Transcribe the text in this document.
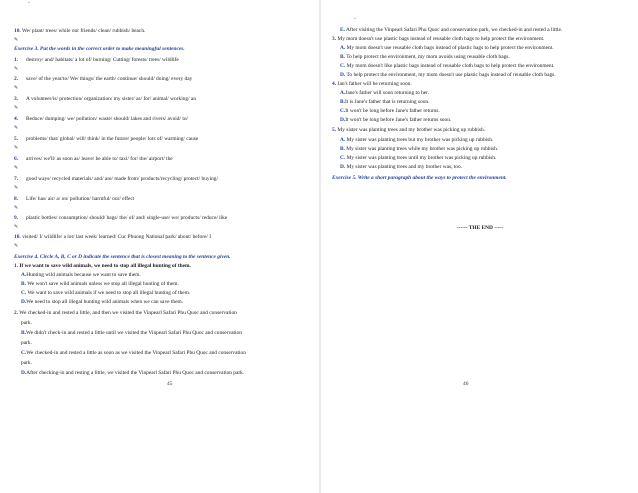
-
10. We/ plant/ trees/ while our friends/ clean/ rubbish/ beach.
✎
Exercise 3. Put the words in the correct order to make meaningful sentences.
1. destroy/ and/ habitats/ a lot of/ burning/ Cutting/ forests/ trees/ wildlife
✎
2. save/ of the year/to/ We/ things/ the earth/ continue/ should/ doing/ every day
✎
3. A volunteer/is/ protection/ organization/ my sister/ as/ for/ animal/ working/ an
✎
4. Reduce/ dumping/ we/ pollution/ waste/ should/ lakes and rivers/ avoid/ to/
✎
5. problems/ that/ global/ will/ think/ in the future/ people/ lots of/ warming/ cause
✎
6. arrives/ we'll/ as soon as/ leave/ be able to/ taxi/ for/ the/ airport/ the
✎
7. good ways/ recycled materials/ and/ are/ made from/ products/recycling/ protect/ buying/
✎
8. Life/ has/ air/ a/ on/ pollution/ harmful/ our/ effect
✎
9. plastic bottles/ consumption/ should/ bags/ the/ of/ and/ single-use/ we/ products/ reduce/ like
✎
10. visited/ I/ wildlife/ a lot/ last week/ learned/ Cuc Phuong National park/ about/ before/ I
✎
Exercise 4. Circle A, B, C or D indicate the sentence that is closest meaning to the sentence given.
1. If we want to save wild animals, we need to stop all illegal hunting of them.
A.Hunting wild animals because we want to save them.
B. We won't save wild animals unless we stop all illegal hunting of them.
C. We want to save wild animals if we need to stop all illegal hunting of them.
D.We need to stop all illegal hunting wild animals when we can save them.
2. We checked-in and rested a little, and then we visited the Vinpearl Safari Phu Quoc and conservation
park.
B.We didn't check-in and rested a little until we visited the Vinpearl Safari Phu Quoc and conservation
park.
C.We checked-in and rested a little as soon as we visited the Vinpearl Safari Phu Quoc and conservation
park.
D.After checking-in and resting a little, we visited the Vinpearl Safari Phu Quoc and conservation park.
45
-
E. After visiting the Vinpearl Safari Phu Quoc and conservation park, we checked-in and rested a little.
3. My mom doesn't use plastic bags instead of reusable cloth bags to help protect the environment.
A. My mom doesn't use reusable cloth bags instead of plastic bags to help protect the environment.
B. To help protect the environment, my mom avoids using reusable cloth bags.
C. My mom doesn't like plastic bags instead of reusable cloth bags to help protect the environment.
D. To help protect the environment, my mom doesn't use plastic bags instead of reusable cloth bags.
4. Jan's father will be returning soon.
A.Jane's father will soon returning to her.
B.It is Jane's father that is returning soon.
C.It won't be long before Jane's father returns.
D.It won't be long before Jane's father returns soon.
5. My sister was planting trees and my brother was picking up rubbish.
A. My sister was planting trees but my brother was picking up rubbish.
B. My sister was planting trees while my brother was picking up rubbish.
C. My sister was planting trees until my brother was picking up rubbish.
D. My sister was planting trees and my brother was, too.
Exercise 5. Write a short paragraph about the ways to protect the environment.
------ THE END -----
46
